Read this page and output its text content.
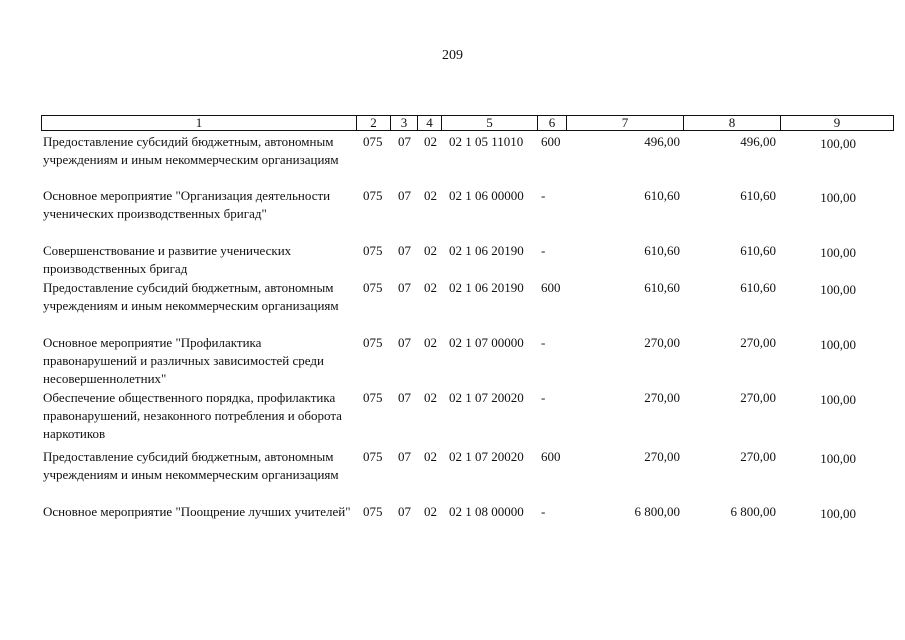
209
1	2	3	4	5	6	7	8	9
Предоставление субсидий бюджетным, автономным учреждениям и иным некоммерческим организациям
075 07	02 02 1 05 11010	600	496,00	496,00	100,00
Основное мероприятие "Организация деятельности ученических производственных бригад"
075 07	02 02 1 06 00000	-	610,60	610,60	100,00
Совершенствование и развитие ученических производственных бригад
075 07	02 02 1 06 20190	-	610,60	610,60	100,00
Предоставление субсидий бюджетным, автономным учреждениям и иным некоммерческим организациям
075 07	02 02 1 06 20190	600	610,60	610,60	100,00
Основное мероприятие "Профилактика правонарушений и различных зависимостей среди несовершеннолетних"
075 07	02 02 1 07 00000	-	270,00	270,00	100,00
Обеспечение общественного порядка, профилактика правонарушений, незаконного потребления и оборота наркотиков
075 07	02 02 1 07 20020	-	270,00	270,00	100,00
Предоставление субсидий бюджетным, автономным учреждениям и иным некоммерческим организациям
075 07	02 02 1 07 20020	600	270,00	270,00	100,00
Основное мероприятие "Поощрение лучших учителей" 075 07	02 02 1 08 00000	-	6 800,00	6 800,00	100,00
